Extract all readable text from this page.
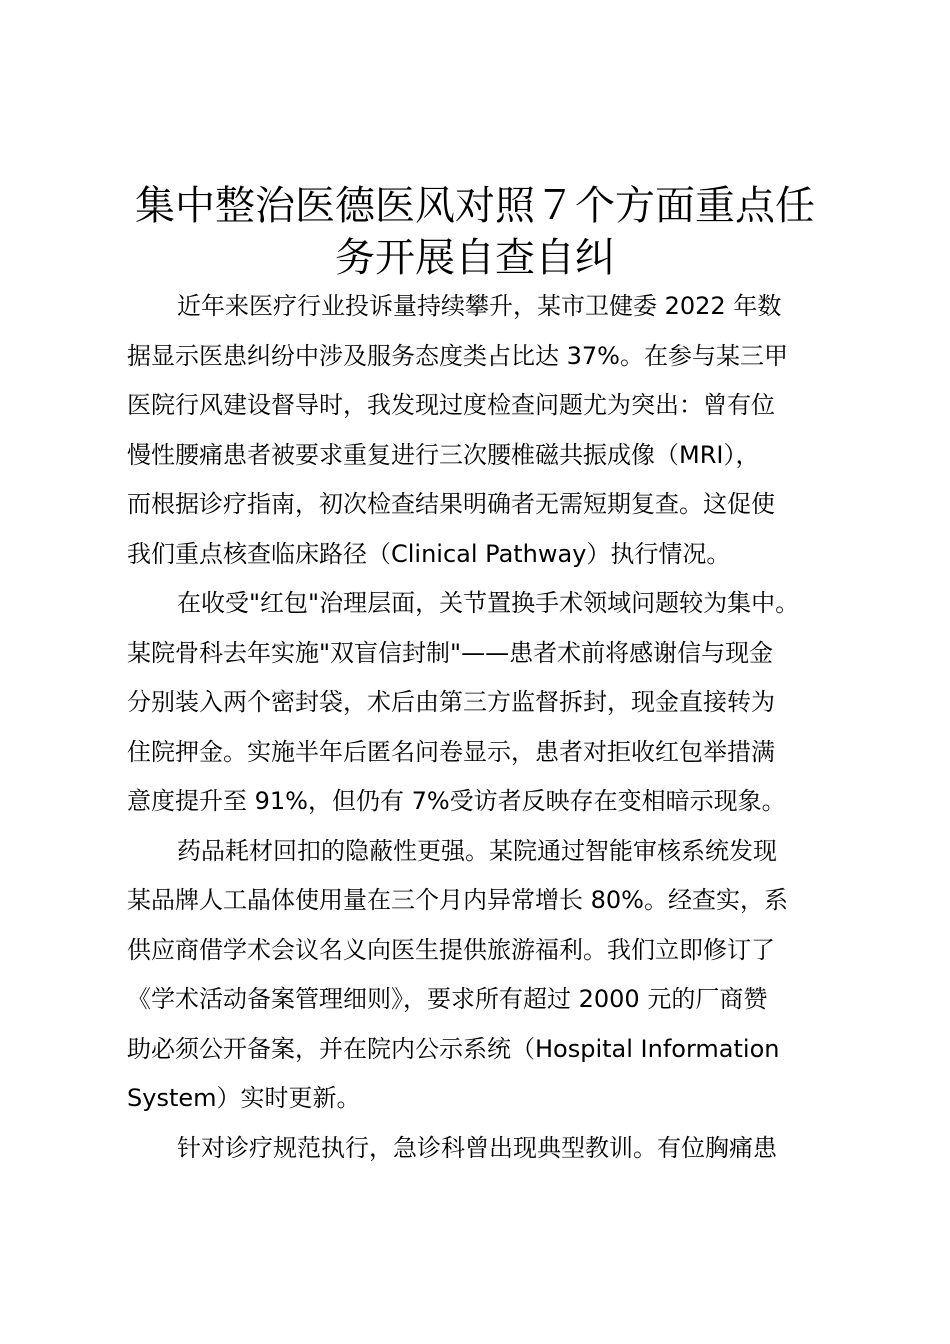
集中整治医德医风对照７个方面重点任
务开展自查自纠
近年来医疗行业投诉量持续攀升，某市卫健委 2022 年数
据显示医患纠纷中涉及服务态度类占比达 37%。在参与某三甲
医院行风建设督导时，我发现过度检查问题尤为突出：曾有位
慢性腰痛患者被要求重复进行三次腰椎磁共振成像（MRI），
而根据诊疗指南，初次检查结果明确者无需短期复查。这促使
我们重点核查临床路径（Clinical Pathway）执行情况。
在收受"红包"治理层面，关节置换手术领域问题较为集中。
某院骨科去年实施"双盲信封制"——患者术前将感谢信与现金
分别装入两个密封袋，术后由第三方监督拆封，现金直接转为
住院押金。实施半年后匿名问卷显示，患者对拒收红包举措满
意度提升至 91%，但仍有 7%受访者反映存在变相暗示现象。
药品耗材回扣的隐蔽性更强。某院通过智能审核系统发现
某品牌人工晶体使用量在三个月内异常增长 80%。经查实，系
供应商借学术会议名义向医生提供旅游福利。我们立即修订了
《学术活动备案管理细则》，要求所有超过 2000 元的厂商赞
助必须公开备案，并在院内公示系统（Hospital Information
System）实时更新。
针对诊疗规范执行，急诊科曾出现典型教训。有位胸痛患
